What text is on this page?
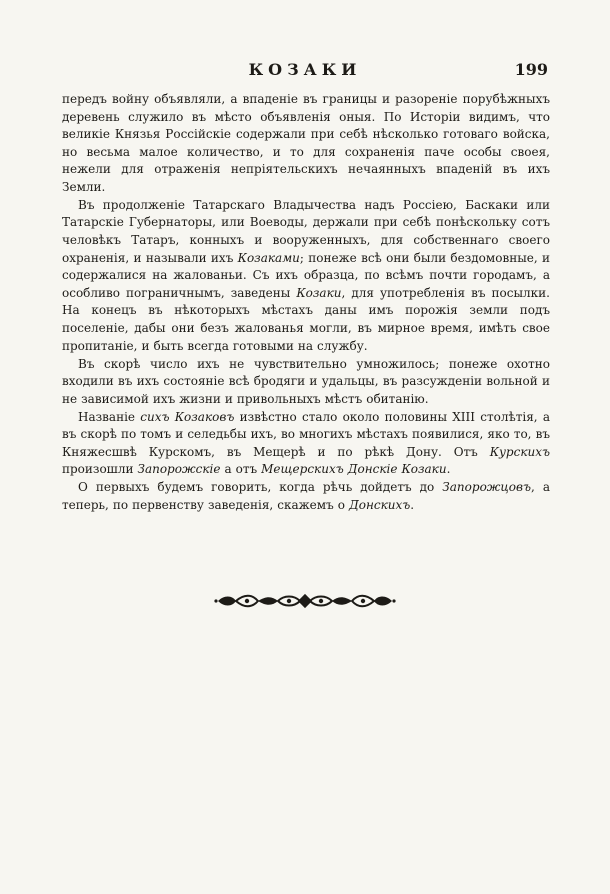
КОЗАКИ	199

передъ войну объявляли, а впаденіе въ границы и разореніе порубѣжныхъ деревень служило въ мѣсто объявленія оныя. По Исторiи видимъ, что великіе Князья Россійскіе содержали при себѣ нѣсколько готоваго войска, но весьма малое количество, и то для сохраненія паче особы своея, нежели для отраженія непріятельскихъ нечаянныхъ впаденій въ ихъ Земли.

Въ продолженіе Татарскаго Владычества надъ Россіею, Баскаки или Татарскіе Губернаторы, или Воеводы, держали при себѣ понѣскольку сотъ человѣкъ Татаръ, конныхъ и вооруженныхъ, для собственнаго своего охраненія, и называли ихъ Козаками; понеже всѣ они были бездомовные, и содержалися на жалованьи. Съ ихъ образца, по всѣмъ почти городамъ, а особливо пограничнымъ, заведены Козаки, для употребленія въ посылки. На конецъ въ нѣкоторыхъ мѣстахъ даны имъ порожія земли подъ поселеніе, дабы они безъ жалованья могли, въ мирное время, имѣть свое пропитаніе, и быть всегда готовыми на службу.

Въ скорѣ число ихъ не чувствительно умножилось; понеже охотно входили въ ихъ состояніе всѣ бродяги и удальцы, въ разсужденіи вольной и не зависимой ихъ жизни и привольныхъ мѣстъ обитанію.

Названіе сихъ Козаковъ извѣстно стало около половины XIII столѣтія, а въ скорѣ по томъ и селедьбы ихъ, во многихъ мѣстахъ появилися, яко то, въ Княжесшвѣ Курскомъ, въ Мещерѣ и по рѣкѣ Дону. Отъ Курскихъ произошли Запорожскіе а отъ Мещерскихъ Донскіе Козаки.

О первыхъ будемъ говорить, когда рѣчь дойдетъ до Запорожцовъ, а теперь, по первенству заведенія, скажемъ о Донскихъ.
